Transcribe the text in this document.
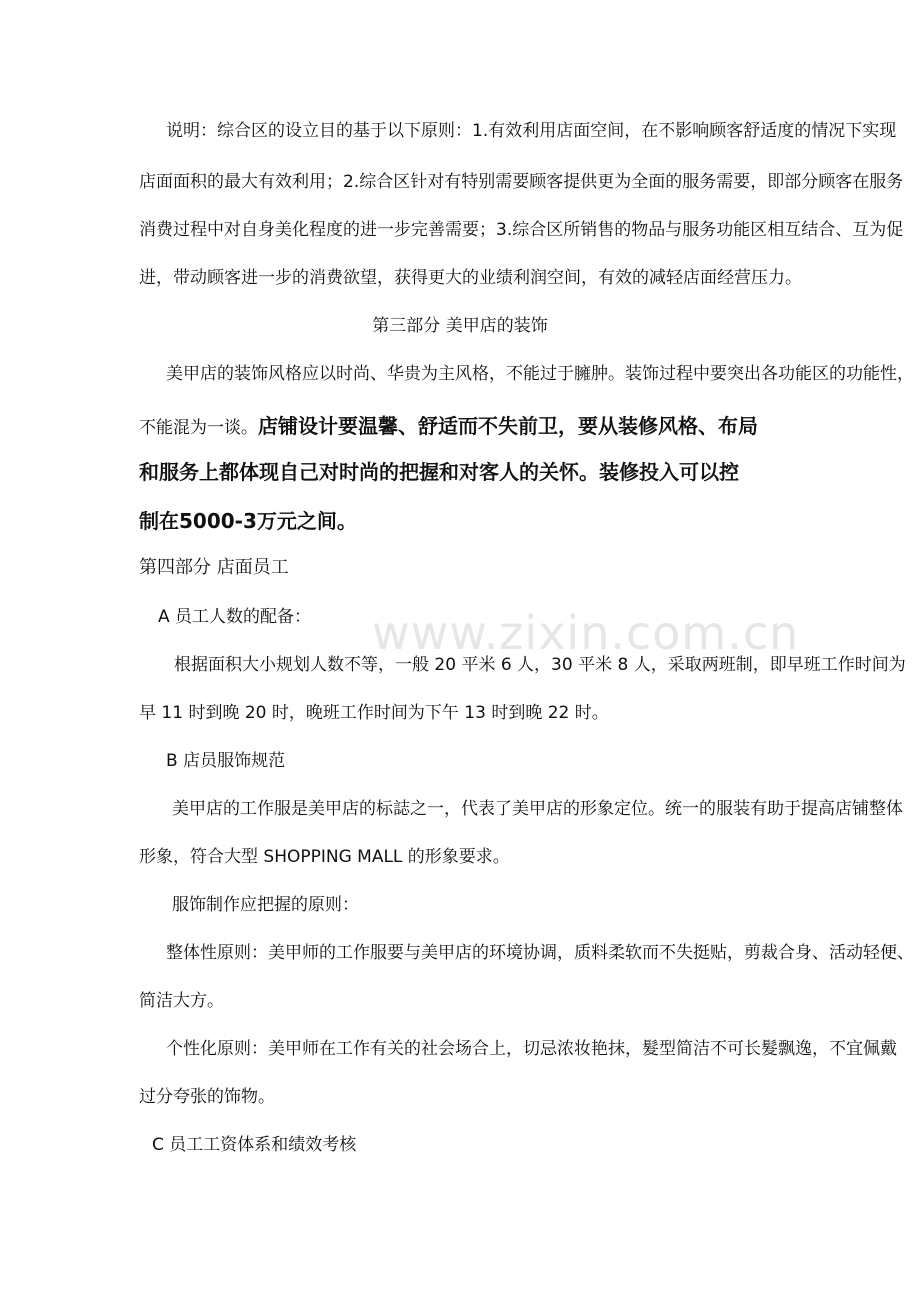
www.zixin.com.cn
说明：综合区的设立目的基于以下原则：1.有效利用店面空间，在不影响顾客舒适度的情况下实现
店面面积的最大有效利用；2.综合区针对有特别需要顾客提供更为全面的服务需要，即部分顾客在服务
消费过程中对自身美化程度的进一步完善需要；3.综合区所销售的物品与服务功能区相互结合、互为促
进，带动顾客进一步的消费欲望，获得更大的业绩利润空间，有效的减轻店面经营压力。
第三部分 美甲店的装饰
美甲店的装饰风格应以时尚、华贵为主风格，不能过于臃肿。装饰过程中要突出各功能区的功能性，
不能混为一谈。店铺设计要温馨、舒适而不失前卫，要从装修风格、布局
和服务上都体现自己对时尚的把握和对客人的关怀。装修投入可以控
制在5000-3万元之间。
第四部分 店面员工
A 员工人数的配备：
根据面积大小规划人数不等，一般 20 平米 6 人，30 平米 8 人，采取两班制，即早班工作时间为
早 11 时到晚 20 时，晚班工作时间为下午 13 时到晚 22 时。
B 店员服饰规范
美甲店的工作服是美甲店的标誌之一，代表了美甲店的形象定位。统一的服装有助于提高店铺整体
形象，符合大型 SHOPPING MALL 的形象要求。
服饰制作应把握的原则：
整体性原则：美甲师的工作服要与美甲店的环境协调，质料柔软而不失挺贴，剪裁合身、活动轻便、
简洁大方。
个性化原则：美甲师在工作有关的社会场合上，切忌浓妆艳抹，髮型简洁不可长髮飘逸，不宜佩戴
过分夸张的饰物。
C 员工工资体系和绩效考核
